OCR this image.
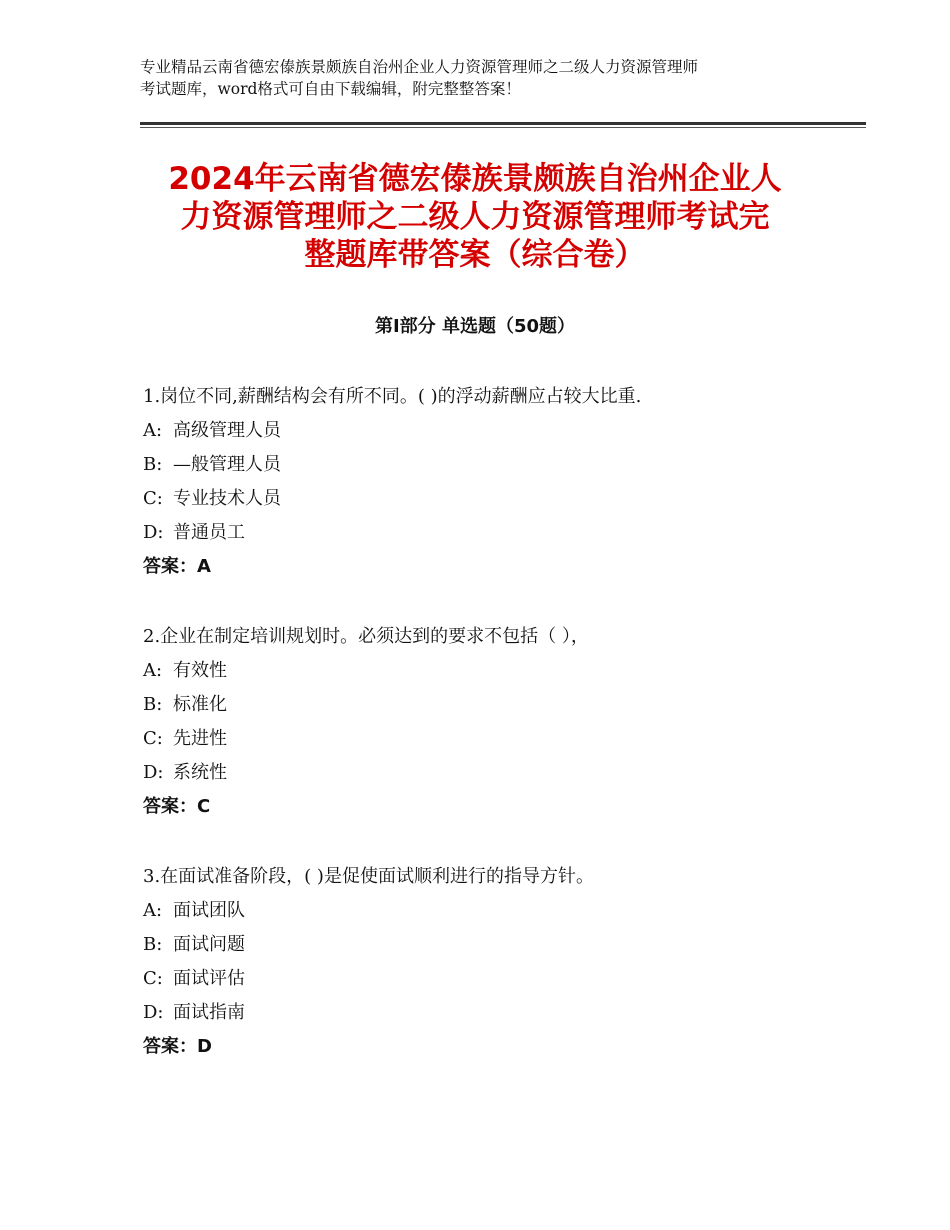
专业精品云南省德宏傣族景颇族自治州企业人力资源管理师之二级人力资源管理师
考试题库，word格式可自由下载编辑，附完整整答案！
2024年云南省德宏傣族景颇族自治州企业人
力资源管理师之二级人力资源管理师考试完
整题库带答案（综合卷）
第Ⅰ部分 单选题（50题）
1.岗位不同,薪酬结构会有所不同。( )的浮动薪酬应占较大比重.
A: 高级管理人员
B: —般管理人员
C: 专业技术人员
D: 普通员工
答案：A
2.企业在制定培训规划时。必须达到的要求不包括（ ），
A: 有效性
B: 标准化
C: 先进性
D: 系统性
答案：C
3.在面试准备阶段，( )是促使面试顺利进行的指导方针。
A: 面试团队
B: 面试问题
C: 面试评估
D: 面试指南
答案：D
